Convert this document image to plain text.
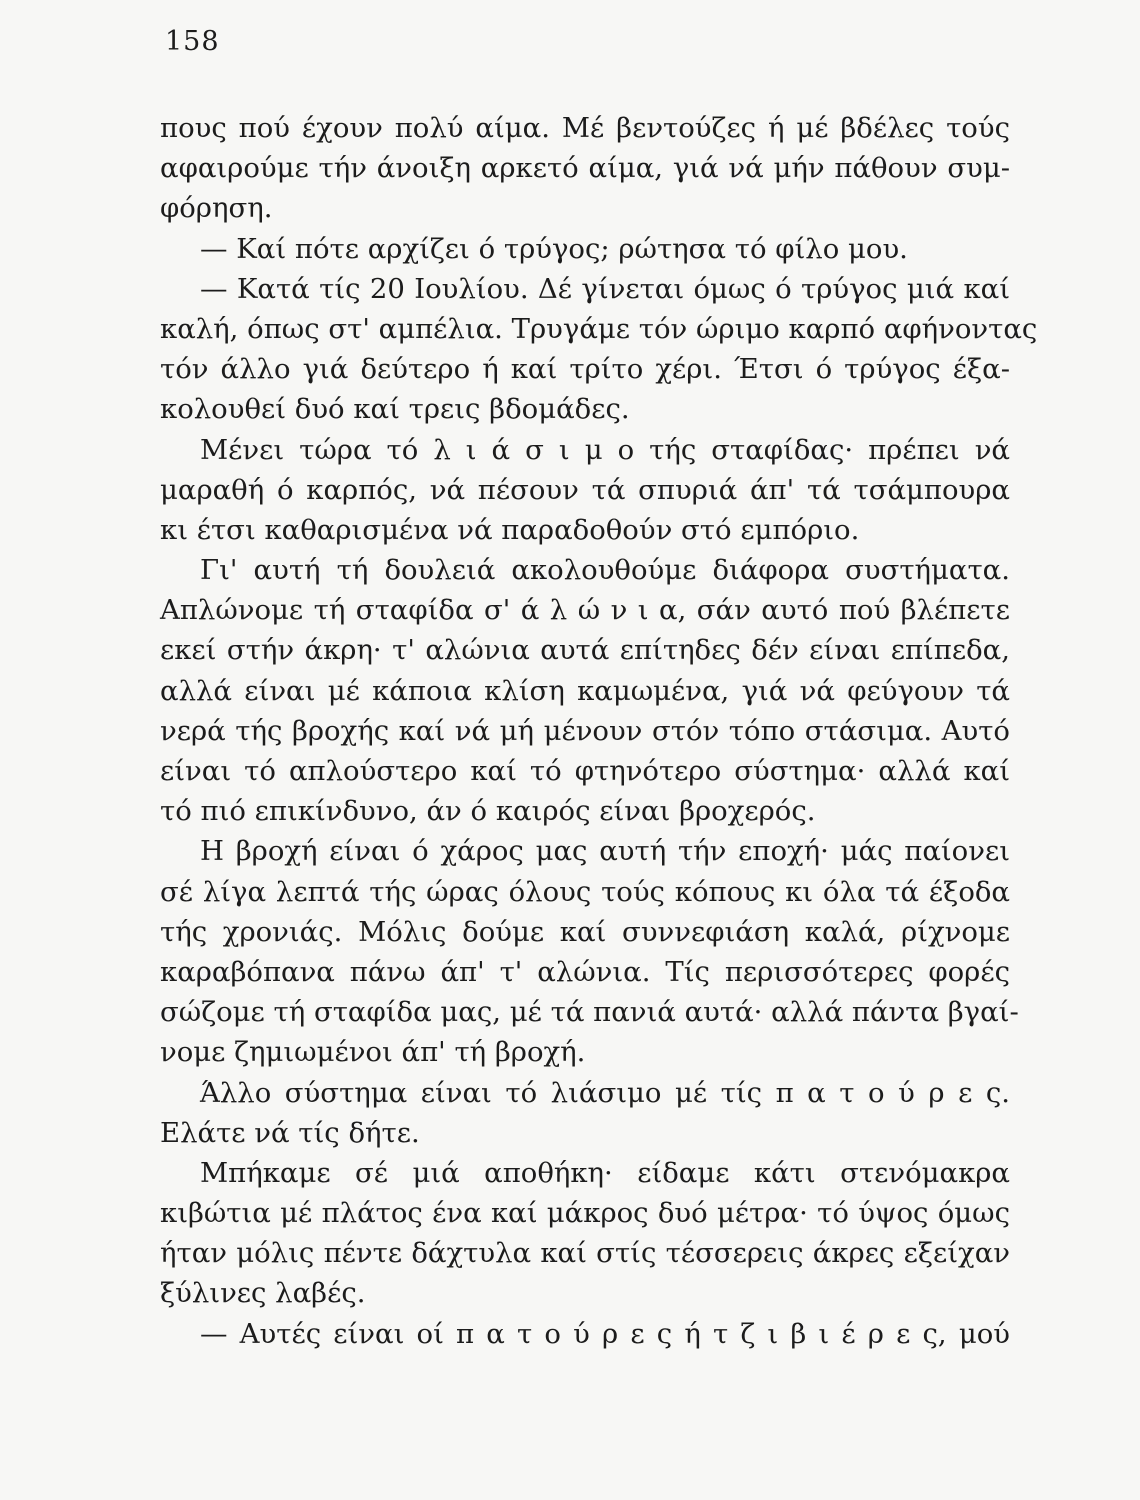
158
πους πού έχουν πολύ αίμα. Μέ βεντούζες ή μέ βδέλες τούς
αφαιρούμε τήν άνοιξη αρκετό αίμα, γιά νά μήν πάθουν συμ-
φόρηση.
— Καί πότε αρχίζει ό τρύγος; ρώτησα τό φίλο μου.
— Κατά τίς 20 Ιουλίου. Δέ γίνεται όμως ό τρύγος μιά καί
καλή, όπως στ' αμπέλια. Τρυγάμε τόν ώριμο καρπό αφήνοντας
τόν άλλο γιά δεύτερο ή καί τρίτο χέρι. Έτσι ό τρύγος έξα-
κολουθεί δυό καί τρεις βδομάδες.
Μένει τώρα τό λ ι ά σ ι μ ο τής σταφίδας· πρέπει νά
μαραθή ό καρπός, νά πέσουν τά σπυριά άπ' τά τσάμπουρα
κι έτσι καθαρισμένα νά παραδοθούν στό εμπόριο.
Γι' αυτή τή δουλειά ακολουθούμε διάφορα συστήματα.
Απλώνομε τή σταφίδα σ' ά λ ώ ν ι α, σάν αυτό πού βλέπετε
εκεί στήν άκρη· τ' αλώνια αυτά επίτηδες δέν είναι επίπεδα,
αλλά είναι μέ κάποια κλίση καμωμένα, γιά νά φεύγουν τά
νερά τής βροχής καί νά μή μένουν στόν τόπο στάσιμα. Αυτό
είναι τό απλούστερο καί τό φτηνότερο σύστημα· αλλά καί
τό πιό επικίνδυνο, άν ό καιρός είναι βροχερός.
Η βροχή είναι ό χάρος μας αυτή τήν εποχή· μάς παίονει
σέ λίγα λεπτά τής ώρας όλους τούς κόπους κι όλα τά έξοδα
τής χρονιάς. Μόλις δούμε καί συννεφιάση καλά, ρίχνομε
καραβόπανα πάνω άπ' τ' αλώνια. Τίς περισσότερες φορές
σώζομε τή σταφίδα μας, μέ τά πανιά αυτά· αλλά πάντα βγαί-
νομε ζημιωμένοι άπ' τή βροχή.
Άλλο σύστημα είναι τό λιάσιμο μέ τίς π α τ ο ύ ρ ε ς.
Ελάτε νά τίς δήτε.
Μπήκαμε σέ μιά αποθήκη· είδαμε κάτι στενόμακρα
κιβώτια μέ πλάτος ένα καί μάκρος δυό μέτρα· τό ύψος όμως
ήταν μόλις πέντε δάχτυλα καί στίς τέσσερεις άκρες εξείχαν
ξύλινες λαβές.
— Αυτές είναι οί π α τ ο ύ ρ ε ς ή τ ζ ι β ι έ ρ ε ς, μού
